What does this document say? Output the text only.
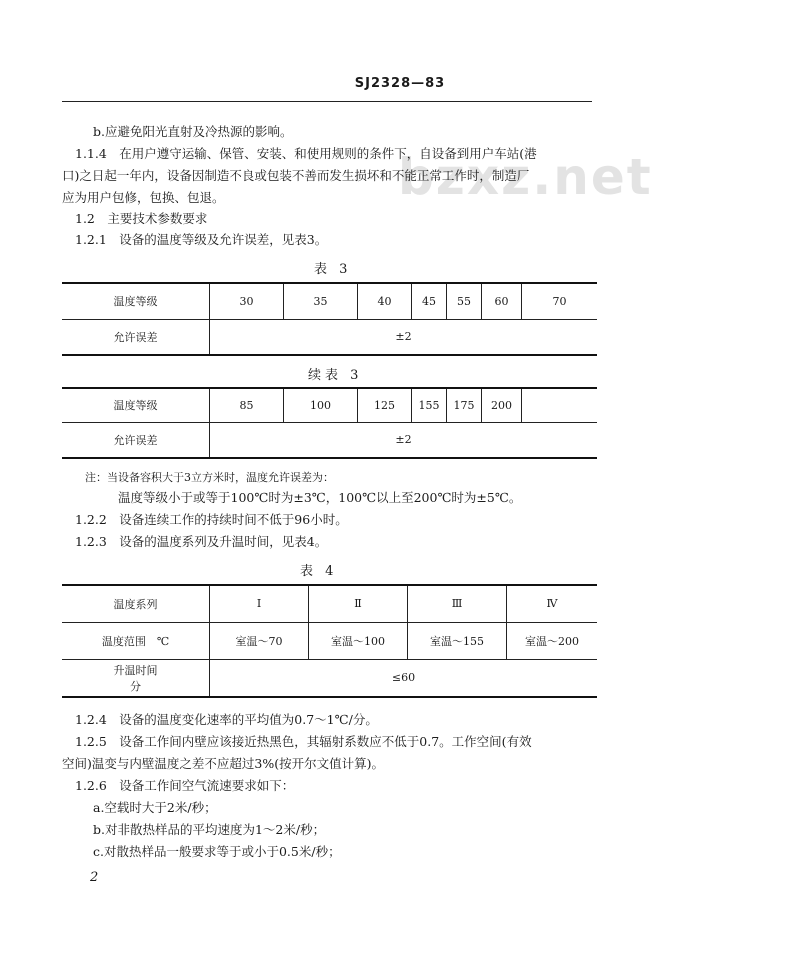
SJ2328—83
bzxz.net
b.应避免阳光直射及冷热源的影响。
1.1.4　在用户遵守运输、保管、安装、和使用规则的条件下，自设备到用户车站(港
口)之日起一年内，设备因制造不良或包装不善而发生损坏和不能正常工作时，制造厂
应为用户包修，包换、包退。
1.2　主要技术参数要求
1.2.1　设备的温度等级及允许误差，见表3。
表 3
温度等级	30	35	40	45	55	60	70
允许误差	±2						
续表 3
温度等级	85	100	125	155	175	200	
允许误差	±2						
注：当设备容积大于3立方米时，温度允许误差为：
温度等级小于或等于100℃时为±3℃，100℃以上至200℃时为±5℃。
1.2.2　设备连续工作的持续时间不低于96小时。
1.2.3　设备的温度系列及升温时间，见表4。
表 4
温度系列	Ⅰ	Ⅱ	Ⅲ	Ⅳ
温度范围　℃	室温～70	室温～100	室温～155	室温～200

升温时间
分	≤60			
1.2.4　设备的温度变化速率的平均值为0.7～1℃/分。
1.2.5　设备工作间内壁应该接近热黑色，其辐射系数应不低于0.7。工作空间(有效
空间)温变与内壁温度之差不应超过3%(按开尔文值计算)。
1.2.6　设备工作间空气流速要求如下：
a.空载时大于2米/秒；
b.对非散热样品的平均速度为1～2米/秒；
c.对散热样品一般要求等于或小于0.5米/秒；
2
